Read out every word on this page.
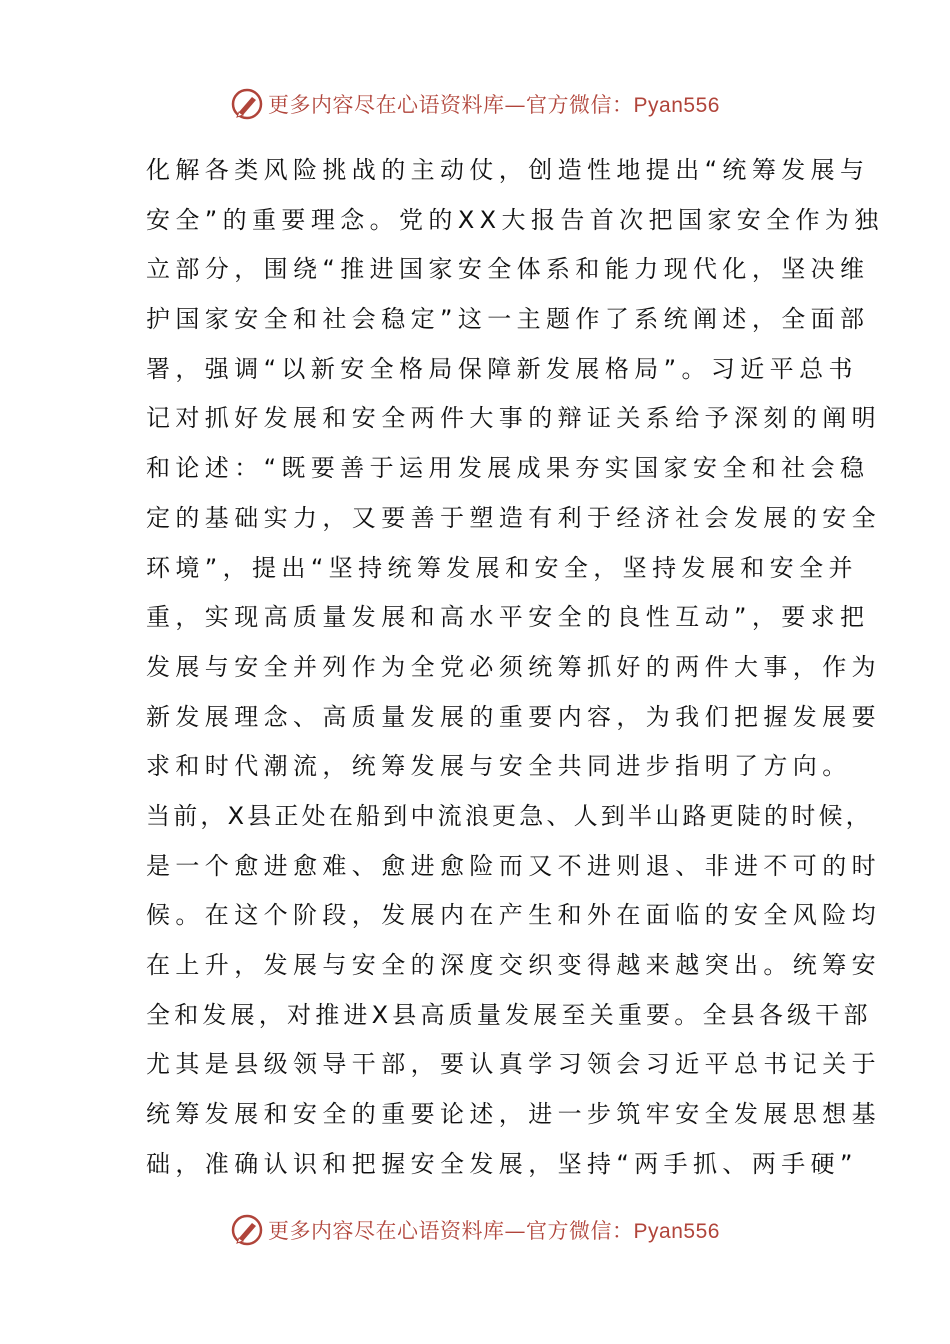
更多内容尽在心语资料库—官方微信：Pyan556
化解各类风险挑战的主动仗，创造性地提出“统筹发展与
安全”的重要理念。党的XX大报告首次把国家安全作为独
立部分，围绕“推进国家安全体系和能力现代化，坚决维
护国家安全和社会稳定”这一主题作了系统阐述，全面部
署，强调“以新安全格局保障新发展格局”。习近平总书
记对抓好发展和安全两件大事的辩证关系给予深刻的阐明
和论述：“既要善于运用发展成果夯实国家安全和社会稳
定的基础实力，又要善于塑造有利于经济社会发展的安全
环境”，提出“坚持统筹发展和安全，坚持发展和安全并
重，实现高质量发展和高水平安全的良性互动”，要求把
发展与安全并列作为全党必须统筹抓好的两件大事，作为
新发展理念、高质量发展的重要内容，为我们把握发展要
求和时代潮流，统筹发展与安全共同进步指明了方向。
当前，X县正处在船到中流浪更急、人到半山路更陡的时候，
是一个愈进愈难、愈进愈险而又不进则退、非进不可的时
候。在这个阶段，发展内在产生和外在面临的安全风险均
在上升，发展与安全的深度交织变得越来越突出。统筹安
全和发展，对推进X县高质量发展至关重要。全县各级干部
尤其是县级领导干部，要认真学习领会习近平总书记关于
统筹发展和安全的重要论述，进一步筑牢安全发展思想基
础，准确认识和把握安全发展，坚持“两手抓、两手硬”
更多内容尽在心语资料库—官方微信：Pyan556
